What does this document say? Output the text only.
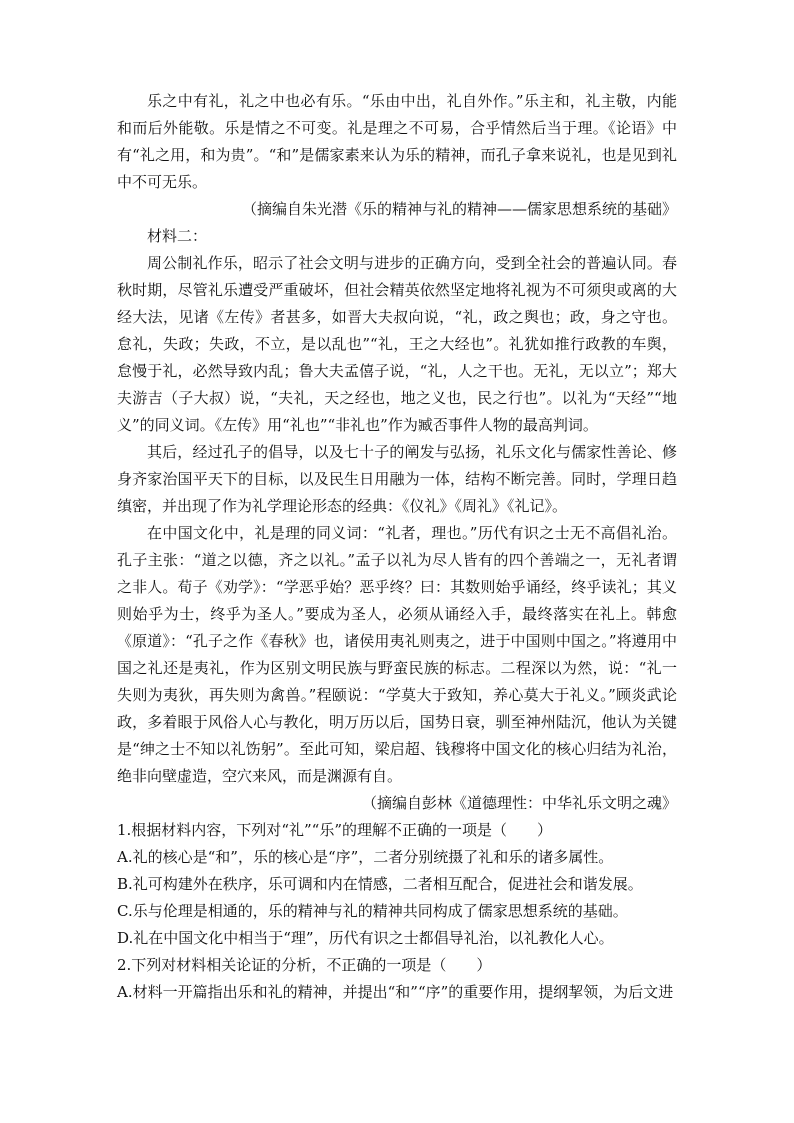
乐之中有礼，礼之中也必有乐。“乐由中出，礼自外作。”乐主和，礼主敬，内能和而后外能敬。乐是情之不可变。礼是理之不可易，合乎情然后当于理。《论语》中有“礼之用，和为贵”。“和”是儒家素来认为乐的精神，而孔子拿来说礼，也是见到礼中不可无乐。

（摘编自朱光潜《乐的精神与礼的精神——儒家思想系统的基础》

材料二：

周公制礼作乐，昭示了社会文明与进步的正确方向，受到全社会的普遍认同。春秋时期，尽管礼乐遭受严重破坏，但社会精英依然坚定地将礼视为不可须臾或离的大经大法，见诸《左传》者甚多，如晋大夫叔向说，“礼，政之舆也；政，身之守也。怠礼，失政；失政，不立，是以乱也”“礼，王之大经也”。礼犹如推行政教的车舆，怠慢于礼，必然导致内乱；鲁大夫孟僖子说，“礼，人之干也。无礼，无以立”；郑大夫游吉（子大叔）说，“夫礼，天之经也，地之义也，民之行也”。以礼为“天经”“地义”的同义词。《左传》用“礼也”“非礼也”作为臧否事件人物的最高判词。

其后，经过孔子的倡导，以及七十子的阐发与弘扬，礼乐文化与儒家性善论、修身齐家治国平天下的目标，以及民生日用融为一体，结构不断完善。同时，学理日趋缜密，并出现了作为礼学理论形态的经典：《仪礼》《周礼》《礼记》。

在中国文化中，礼是理的同义词：“礼者，理也。”历代有识之士无不高倡礼治。孔子主张：“道之以德，齐之以礼。”孟子以礼为尽人皆有的四个善端之一，无礼者谓之非人。荀子《劝学》：“学恶乎始？恶乎终？曰：其数则始乎诵经，终乎读礼；其义则始乎为士，终乎为圣人。”要成为圣人，必须从诵经入手，最终落实在礼上。韩愈《原道》：“孔子之作《春秋》也，诸侯用夷礼则夷之，进于中国则中国之。”将遵用中国之礼还是夷礼，作为区别文明民族与野蛮民族的标志。二程深以为然，说：“礼一失则为夷狄，再失则为禽兽。”程颐说：“学莫大于致知，养心莫大于礼义。”顾炎武论政，多着眼于风俗人心与教化，明万历以后，国势日衰，驯至神州陆沉，他认为关键是“绅之士不知以礼饬躬”。至此可知，梁启超、钱穆将中国文化的核心归结为礼治，绝非向壁虚造，空穴来风，而是渊源有自。

（摘编自彭林《道德理性：中华礼乐文明之魂》

1.根据材料内容，下列对“礼”“乐”的理解不正确的一项是（　　）

A.礼的核心是“和”，乐的核心是“序”，二者分别统摄了礼和乐的诸多属性。

B.礼可构建外在秩序，乐可调和内在情感，二者相互配合，促进社会和谐发展。

C.乐与伦理是相通的，乐的精神与礼的精神共同构成了儒家思想系统的基础。

D.礼在中国文化中相当于“理”，历代有识之士都倡导礼治，以礼教化人心。

2.下列对材料相关论证的分析，不正确的一项是（　　）

A.材料一开篇指出乐和礼的精神，并提出“和”“序”的重要作用，提纲挈领，为后文进
